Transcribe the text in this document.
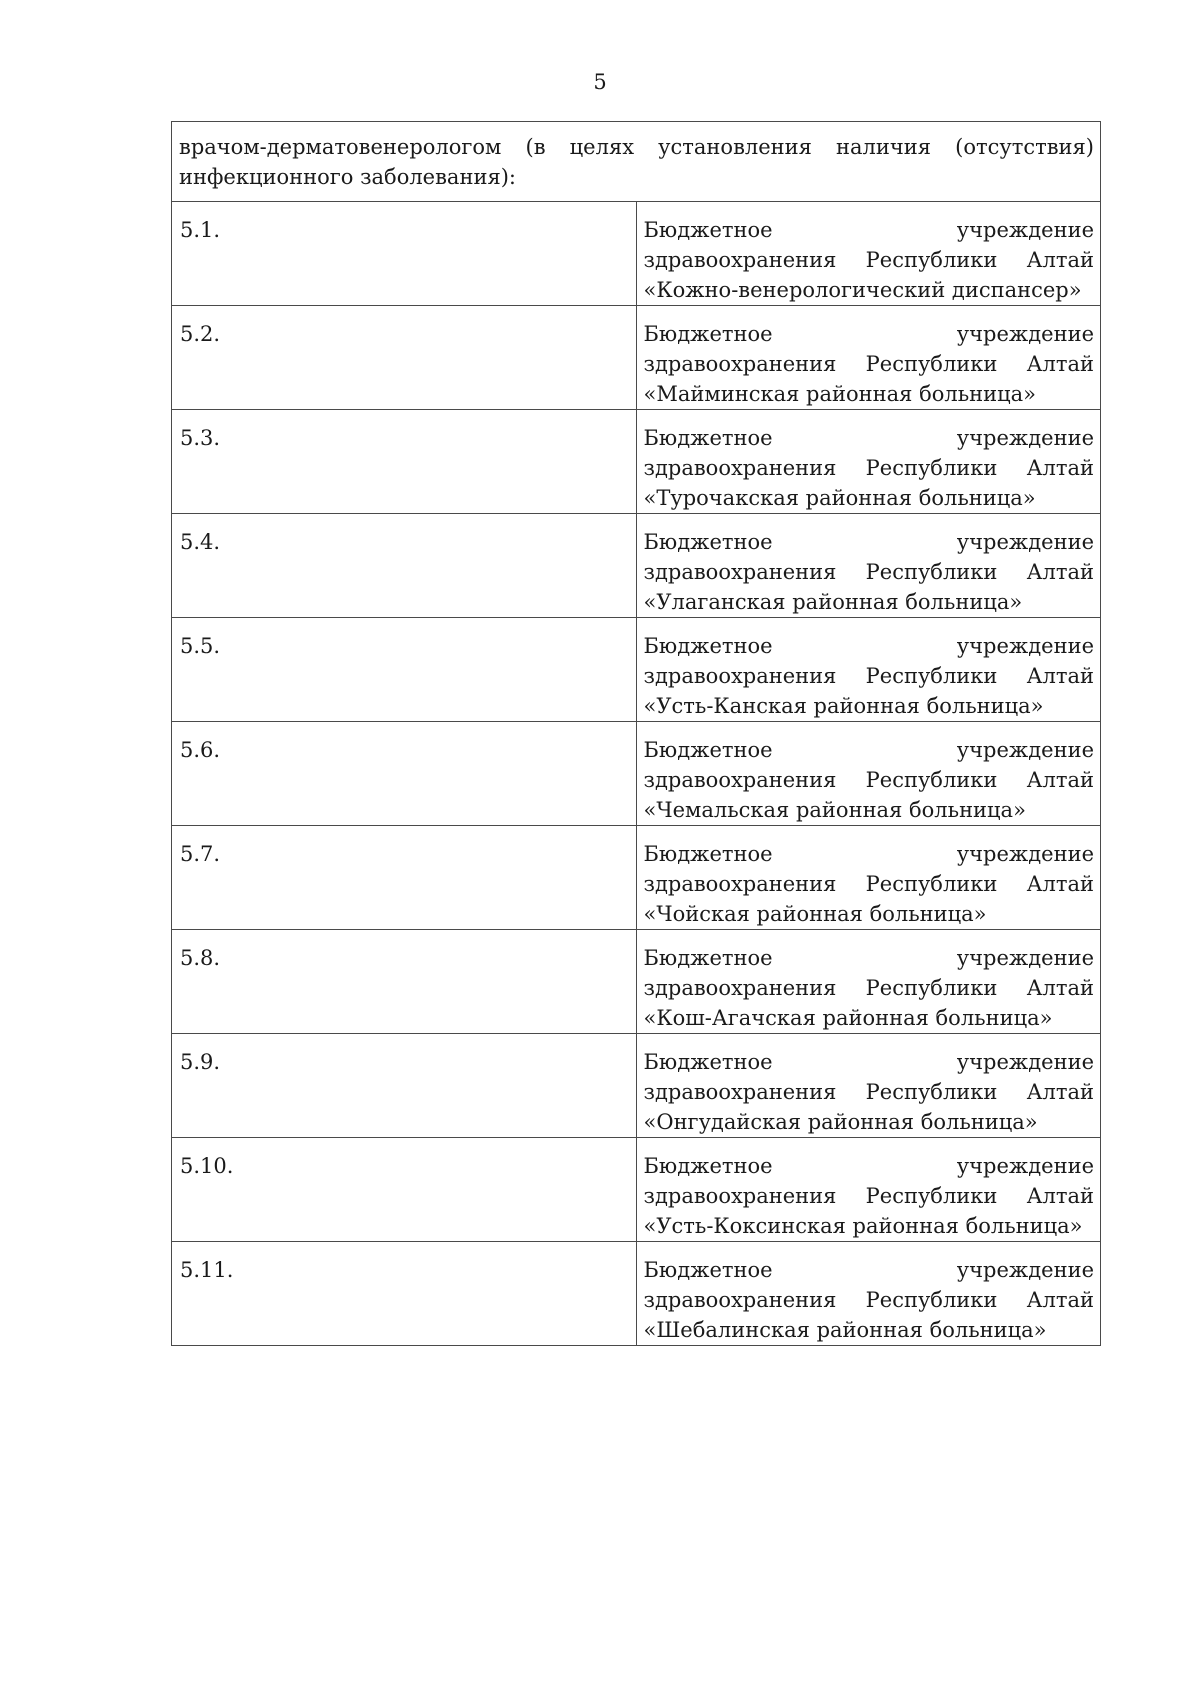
5
врачом-дерматовенерологом (в целях установления наличия (отсутствия) инфекционного заболевания):	
5.1.	Бюджетное учреждение здравоохранения Республики Алтай «Кожно-венерологический диспансер»
5.2.	Бюджетное учреждение здравоохранения Республики Алтай «Майминская районная больница»
5.3.	Бюджетное учреждение здравоохранения Республики Алтай «Турочакская районная больница»
5.4.	Бюджетное учреждение здравоохранения Республики Алтай «Улаганская районная больница»
5.5.	Бюджетное учреждение здравоохранения Республики Алтай «Усть-Канская районная больница»
5.6.	Бюджетное учреждение здравоохранения Республики Алтай «Чемальская районная больница»
5.7.	Бюджетное учреждение здравоохранения Республики Алтай «Чойская районная больница»
5.8.	Бюджетное учреждение здравоохранения Республики Алтай «Кош-Агачская районная больница»
5.9.	Бюджетное учреждение здравоохранения Республики Алтай «Онгудайская районная больница»
5.10.	Бюджетное учреждение здравоохранения Республики Алтай «Усть-Коксинская районная больница»
5.11.	Бюджетное учреждение здравоохранения Республики Алтай «Шебалинская районная больница»
